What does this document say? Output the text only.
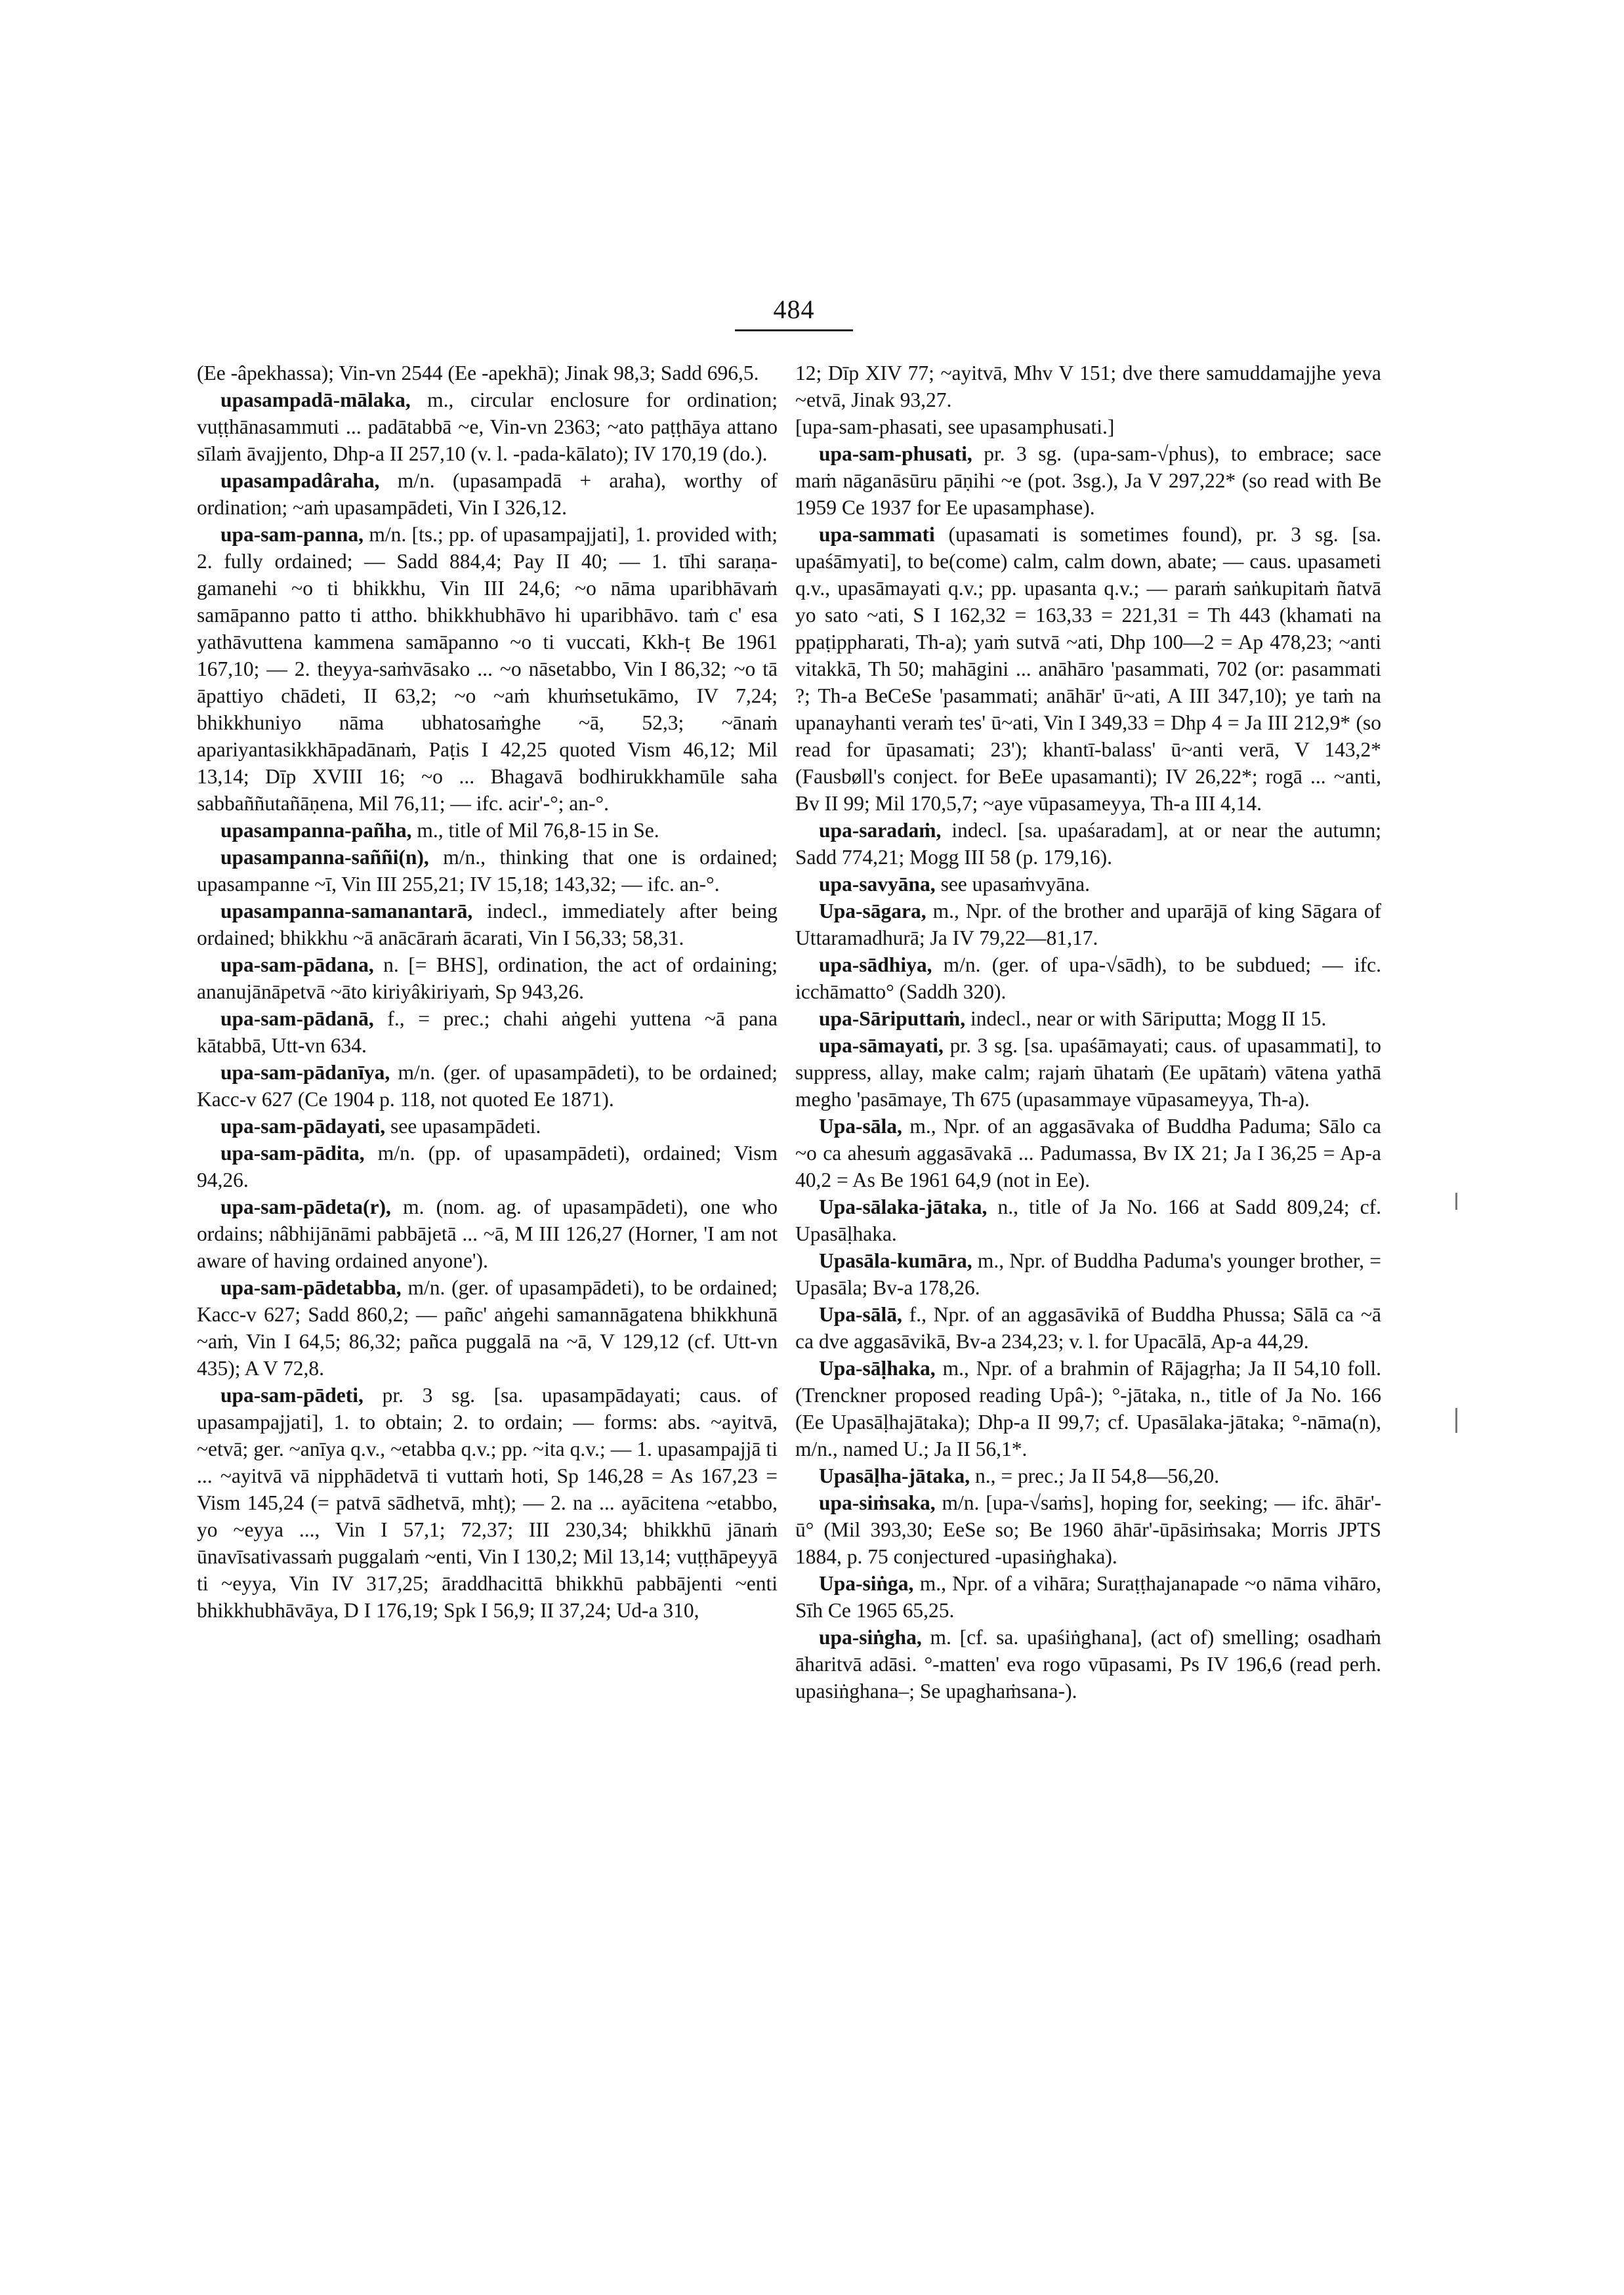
484

(Ee -âpekhassa); Vin-vn 2544 (Ee -apekhā); Jinak 98,3; Sadd 696,5.

upasampadā-mālaka, m., circular enclosure for ordination; vuṭṭhānasammuti ... padātabbā ~e, Vin-vn 2363; ~ato paṭṭhāya attano sīlaṁ āvajjento, Dhp-a II 257,10 (v. l. -pada-kālato); IV 170,19 (do.).

upasampadâraha, m/n. (upasampadā + araha), worthy of ordination; ~aṁ upasampādeti, Vin I 326,12.

upa-sam-panna, m/n. [ts.; pp. of upasampajjati], 1. provided with; 2. fully ordained; — Sadd 884,4; Pay II 40; — 1. tīhi saraṇa-gamanehi ~o ti bhikkhu, Vin III 24,6; ~o nāma uparibhāvaṁ samāpanno patto ti attho. bhikkhubhāvo hi uparibhāvo. taṁ c' esa yathāvuttena kammena samāpanno ~o ti vuccati, Kkh-ṭ Be 1961 167,10; — 2. theyya-saṁvāsako ... ~o nāsetabbo, Vin I 86,32; ~o tā āpattiyo chādeti, II 63,2; ~o ~aṁ khuṁsetukāmo, IV 7,24; bhikkhuniyo nāma ubhatosaṁghe ~ā, 52,3; ~ānaṁ apariyantasikkhāpadānaṁ, Paṭis I 42,25 quoted Vism 46,12; Mil 13,14; Dīp XVIII 16; ~o ... Bhagavā bodhirukkhamūle saha sabbaññutañāṇena, Mil 76,11; — ifc. acir'-°; an-°.

upasampanna-pañha, m., title of Mil 76,8-15 in Se.

upasampanna-saññi(n), m/n., thinking that one is ordained; upasampanne ~ī, Vin III 255,21; IV 15,18; 143,32; — ifc. an-°.

upasampanna-samanantarā, indecl., immediately after being ordained; bhikkhu ~ā anācāraṁ ācarati, Vin I 56,33; 58,31.

upa-sam-pādana, n. [= BHS], ordination, the act of ordaining; ananujānāpetvā ~āto kiriyâkiriyaṁ, Sp 943,26.

upa-sam-pādanā, f., = prec.; chahi aṅgehi yuttena ~ā pana kātabbā, Utt-vn 634.

upa-sam-pādanīya, m/n. (ger. of upasampādeti), to be ordained; Kacc-v 627 (Ce 1904 p. 118, not quoted Ee 1871).

upa-sam-pādayati, see upasampādeti.

upa-sam-pādita, m/n. (pp. of upasampādeti), ordained; Vism 94,26.

upa-sam-pādeta(r), m. (nom. ag. of upasampādeti), one who ordains; nâbhijānāmi pabbājetā ... ~ā, M III 126,27 (Horner, 'I am not aware of having ordained anyone').

upa-sam-pādetabba, m/n. (ger. of upasampādeti), to be ordained; Kacc-v 627; Sadd 860,2; — pañc' aṅgehi samannāgatena bhikkhunā ~aṁ, Vin I 64,5; 86,32; pañca puggalā na ~ā, V 129,12 (cf. Utt-vn 435); A V 72,8.

upa-sam-pādeti, pr. 3 sg. [sa. upasampādayati; caus. of upasampajjati], 1. to obtain; 2. to ordain; — forms: abs. ~ayitvā, ~etvā; ger. ~anīya q.v., ~etabba q.v.; pp. ~ita q.v.; — 1. upasampajjā ti ... ~ayitvā vā nipphādetvā ti vuttaṁ hoti, Sp 146,28 = As 167,23 = Vism 145,24 (= patvā sādhetvā, mhṭ); — 2. na ... ayācitena ~etabbo, yo ~eyya ..., Vin I 57,1; 72,37; III 230,34; bhikkhū jānaṁ ūnavīsativassaṁ puggalaṁ ~enti, Vin I 130,2; Mil 13,14; vuṭṭhāpeyyā ti ~eyya, Vin IV 317,25; āraddhacittā bhikkhū pabbājenti ~enti bhikkhubhāvāya, D I 176,19; Spk I 56,9; II 37,24; Ud-a 310,

12; Dīp XIV 77; ~ayitvā, Mhv V 151; dve there samuddamajjhe yeva ~etvā, Jinak 93,27.

[upa-sam-phasati, see upasamphusati.]

upa-sam-phusati, pr. 3 sg. (upa-sam-√phus), to embrace; sace maṁ nāganāsūru pāṇihi ~e (pot. 3sg.), Ja V 297,22* (so read with Be 1959 Ce 1937 for Ee upasamphase).

upa-sammati (upasamati is sometimes found), pr. 3 sg. [sa. upaśāmyati], to be(come) calm, calm down, abate; — caus. upasameti q.v., upasāmayati q.v.; pp. upasanta q.v.; — paraṁ saṅkupitaṁ ñatvā yo sato ~ati, S I 162,32 = 163,33 = 221,31 = Th 443 (khamati na ppaṭippharati, Th-a); yaṁ sutvā ~ati, Dhp 100—2 = Ap 478,23; ~anti vitakkā, Th 50; mahāgini ... anāhāro 'pasammati, 702 (or: pasammati ?; Th-a BeCeSe 'pasammati; anāhār' ū~ati, A III 347,10); ye taṁ na upanayhanti veraṁ tes' ū~ati, Vin I 349,33 = Dhp 4 = Ja III 212,9* (so read for ūpasamati; 23'); khantī-balass' ū~anti verā, V 143,2* (Fausbøll's conject. for BeEe upasamanti); IV 26,22*; rogā ... ~anti, Bv II 99; Mil 170,5,7; ~aye vūpasameyya, Th-a III 4,14.

upa-saradaṁ, indecl. [sa. upaśaradam], at or near the autumn; Sadd 774,21; Mogg III 58 (p. 179,16).

upa-savyāna, see upasaṁvyāna.

Upa-sāgara, m., Npr. of the brother and uparājā of king Sāgara of Uttaramadhurā; Ja IV 79,22—81,17.

upa-sādhiya, m/n. (ger. of upa-√sādh), to be subdued; — ifc. icchāmatto° (Saddh 320).

upa-Sāriputtaṁ, indecl., near or with Sāriputta; Mogg II 15.

upa-sāmayati, pr. 3 sg. [sa. upaśāmayati; caus. of upasammati], to suppress, allay, make calm; rajaṁ ūhataṁ (Ee upātaṁ) vātena yathā megho 'pasāmaye, Th 675 (upasammaye vūpasameyya, Th-a).

Upa-sāla, m., Npr. of an aggasāvaka of Buddha Paduma; Sālo ca ~o ca ahesuṁ aggasāvakā ... Padumassa, Bv IX 21; Ja I 36,25 = Ap-a 40,2 = As Be 1961 64,9 (not in Ee).

Upa-sālaka-jātaka, n., title of Ja No. 166 at Sadd 809,24; cf. Upasāḷhaka.

Upasāla-kumāra, m., Npr. of Buddha Paduma's younger brother, = Upasāla; Bv-a 178,26.

Upa-sālā, f., Npr. of an aggasāvikā of Buddha Phussa; Sālā ca ~ā ca dve aggasāvikā, Bv-a 234,23; v. l. for Upacālā, Ap-a 44,29.

Upa-sāḷhaka, m., Npr. of a brahmin of Rājagṛha; Ja II 54,10 foll. (Trenckner proposed reading Upâ-); °-jātaka, n., title of Ja No. 166 (Ee Upasāḷhajātaka); Dhp-a II 99,7; cf. Upasālaka-jātaka; °-nāma(n), m/n., named U.; Ja II 56,1*.

Upasāḷha-jātaka, n., = prec.; Ja II 54,8—56,20.

upa-siṁsaka, m/n. [upa-√saṁs], hoping for, seeking; — ifc. āhār'-ū° (Mil 393,30; EeSe so; Be 1960 āhār'-ūpāsiṁsaka; Morris JPTS 1884, p. 75 conjectured -upasiṅghaka).

Upa-siṅga, m., Npr. of a vihāra; Suraṭṭhajanapade ~o nāma vihāro, Sīh Ce 1965 65,25.

upa-siṅgha, m. [cf. sa. upaśiṅghana], (act of) smelling; osadhaṁ āharitvā adāsi. °-matten' eva rogo vūpasami, Ps IV 196,6 (read perh. upasiṅghana–; Se upaghaṁsana-).
